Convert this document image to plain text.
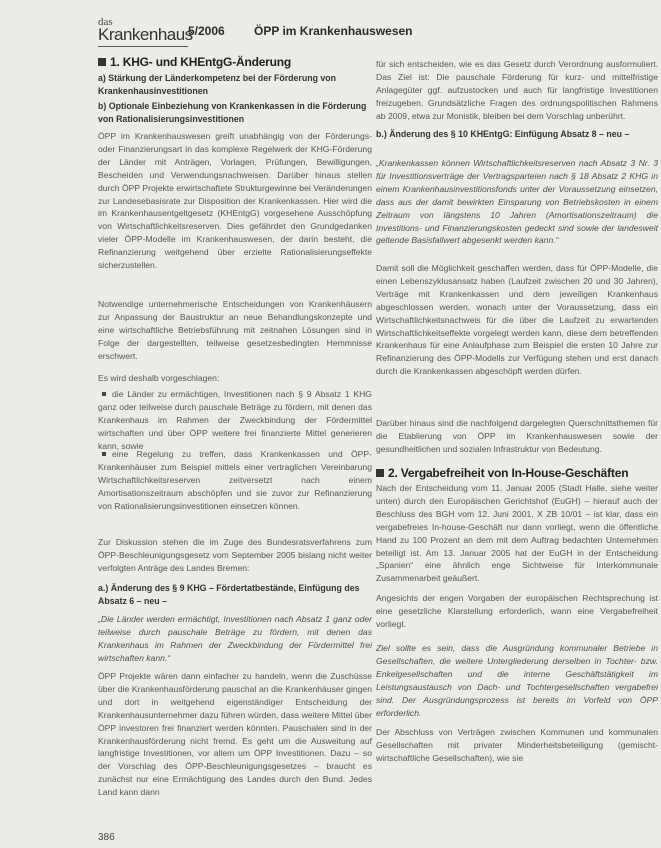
das
Krankenhaus
5/2006 ÖPP im Krankenhauswesen
1. KHG- und KHEntgG-Änderung

a) Stärkung der Länderkompetenz bei der Förderung von Krankenhausinvestitionen

b) Optionale Einbeziehung von Krankenkassen in die Förderung von Rationalisierungsinvestitionen

ÖPP im Krankenhauswesen greift unabhängig von der Förderungs- oder Finanzierungsart in das komplexe Regelwerk der KHG-Förderung der Länder mit Anträgen, Vorlagen, Prüfungen, Bewilligungen, Bescheiden und Verwendungsnachweisen. Darüber hinaus stellen durch ÖPP Projekte erwirtschaftete Strukturgewinne bei Veränderungen zur Landesebasisrate zur Disposition der Krankenkassen. Hier wird die im Krankenhausentgeltgesetz (KHEntgG) vorgesehene Ausschöpfung von Wirtschaftlichkeitsreserven. Dies gefährdet den Grundgedanken vieler ÖPP-Modelle im Krankenhauswesen, der darin besteht, die Refinanzierung weitgehend über erzielte Rationalisierungseffekte sicherzustellen.

Notwendige unternehmerische Entscheidungen von Krankenhäusern zur Anpassung der Baustruktur an neue Behandlungskonzepte und eine wirtschaftliche Betriebsführung mit zeitnahen Lösungen sind in Folge der dargestellten, teilweise gesetzesbedingten Hemmnisse erschwert.

Es wird deshalb vorgeschlagen:

die Länder zu ermächtigen, Investitionen nach § 9 Absatz 1 KHG ganz oder teilweise durch pauschale Beträge zu fördern, mit denen das Krankenhaus im Rahmen der Zweckbindung der Fördermittel wirtschaften und über ÖPP weitere frei finanzierte Mittel generieren kann, sowie

eine Regelung zu treffen, dass Krankenkassen und ÖPP-Krankenhäuser zum Beispiel mittels einer vertraglichen Vereinbarung Wirtschaftlichkeitsreserven zeitversetzt nach einem Amortisationszeitraum abschöpfen und sie zuvor zur Refinanzierung von Rationalisierungsinvestitionen einsetzen können.

Zur Diskussion stehen die im Zuge des Bundesratsverfahrens zum ÖPP-Beschleunigungsgesetz vom September 2005 bislang nicht weiter verfolgten Anträge des Landes Bremen:

a.) Änderung des § 9 KHG – Fördertatbestände, Einfügung des Absatz 6 – neu –

„Die Länder werden ermächtigt, Investitionen nach Absatz 1 ganz oder teilweise durch pauschale Beträge zu fördern, mit denen das Krankenhaus im Rahmen der Zweckbindung der Fördermittel frei wirtschaften kann.“

ÖPP Projekte wären dann einfacher zu handeln, wenn die Zuschüsse über die Krankenhausförderung pauschal an die Krankenhäuser gingen und dort in weitgehend eigenständiger Entscheidung der Krankenhausunternehmer dazu führen würden, dass weitere Mittel über ÖPP investoren frei finanziert werden könnten. Pauschalen sind in der Krankenhausförderung nicht fremd. Es geht um die Ausweitung auf langfristige Investitionen, vor allem um ÖPP Investitionen. Dazu – so der Vorschlag des ÖPP-Beschleunigungsgesetzes – braucht es zunächst nur eine Ermächtigung des Landes durch den Bund. Jedes Land kann dann

für sich entscheiden, wie es das Gesetz durch Verordnung ausformuliert. Das Ziel ist: Die pauschale Förderung für kurz- und mittelfristige Anlagegüter ggf. aufzustocken und auch für langfristige Investitionen freizugeben. Grundsätzliche Fragen des ordnungspolitischen Rahmens ab 2009, etwa zur Monistik, bleiben bei dem Vorschlag unberührt.

b.) Änderung des § 10 KHEntgG: Einfügung Absatz 8 – neu –

„Krankenkassen können Wirtschaftlichkeitsreserven nach Absatz 3 Nr. 3 für Investitionsverträge der Vertragsparteien nach § 18 Absatz 2 KHG in einem Krankenhausinvestitionsfonds unter der Voraussetzung einsetzen, dass aus der damit bewirkten Einsparung von Betriebskosten in einem Zeitraum von längstens 10 Jahren (Amortisationszeitraum) die Investitions- und Finanzierungskosten gedeckt sind sowie der landesweit geltende Basisfallwert abgesenkt werden kann.“

Damit soll die Möglichkeit geschaffen werden, dass für ÖPP-Modelle, die einen Lebenszyklusansatz haben (Laufzeit zwischen 20 und 30 Jahren), Verträge mit Krankenkassen und dem jeweiligen Krankenhaus abgeschlossen werden, wonach unter der Voraussetzung, dass ein Wirtschaftlichkeitsnachweis für die über die Laufzeit zu erwartenden Wirtschaftlichkeitseffekte vorgelegt werden kann, diese dem betreffenden Krankenhaus für eine Anlaufphase zum Beispiel die ersten 10 Jahre zur Refinanzierung des ÖPP-Modells zur Verfügung stehen und erst danach durch die Krankenkassen abgeschöpft werden dürfen.

Darüber hinaus sind die nachfolgend dargelegten Querschnittsthemen für die Etablierung von ÖPP im Krankenhauswesen sowie der gesundheitlichen und sozialen Infrastruktur von Bedeutung.

2. Vergabefreiheit von In-House-Geschäften

Nach der Entscheidung vom 11. Januar 2005 (Stadt Halle, siehe weiter unten) durch den Europäischen Gerichtshof (EuGH) – hierauf auch der Beschluss des BGH vom 12. Juni 2001, X ZB 10/01 – ist klar, dass ein vergabefreies In-house-Geschäft nur dann vorliegt, wenn die öffentliche Hand zu 100 Prozent an dem mit dem Auftrag bedachten Unternehmen beteiligt ist. Am 13. Januar 2005 hat der EuGH in der Entscheidung „Spanien“ eine ähnlich enge Sichtweise für Interkommunale Zusammenarbeit geäußert.

Angesichts der engen Vorgaben der europäischen Rechtsprechung ist eine gesetzliche Klarstellung erforderlich, wann eine Vergabefreiheit vorliegt.

Ziel sollte es sein, dass die Ausgründung kommunaler Betriebe in Gesellschaften, die weitere Untergliederung derselben in Tochter- bzw. Enkelgesellschaften und die interne Geschäftstätigkeit im Leistungsaustausch von Dach- und Tochtergesellschaften vergabefrei sind. Der Ausgründungsprozess ist bereits im Vorfeld von ÖPP erforderlich.

Der Abschluss von Verträgen zwischen Kommunen und kommunalen Gesellschaften mit privater Minderheitsbeteiligung (gemischt-wirtschaftliche Gesellschaften), wie sie

386
